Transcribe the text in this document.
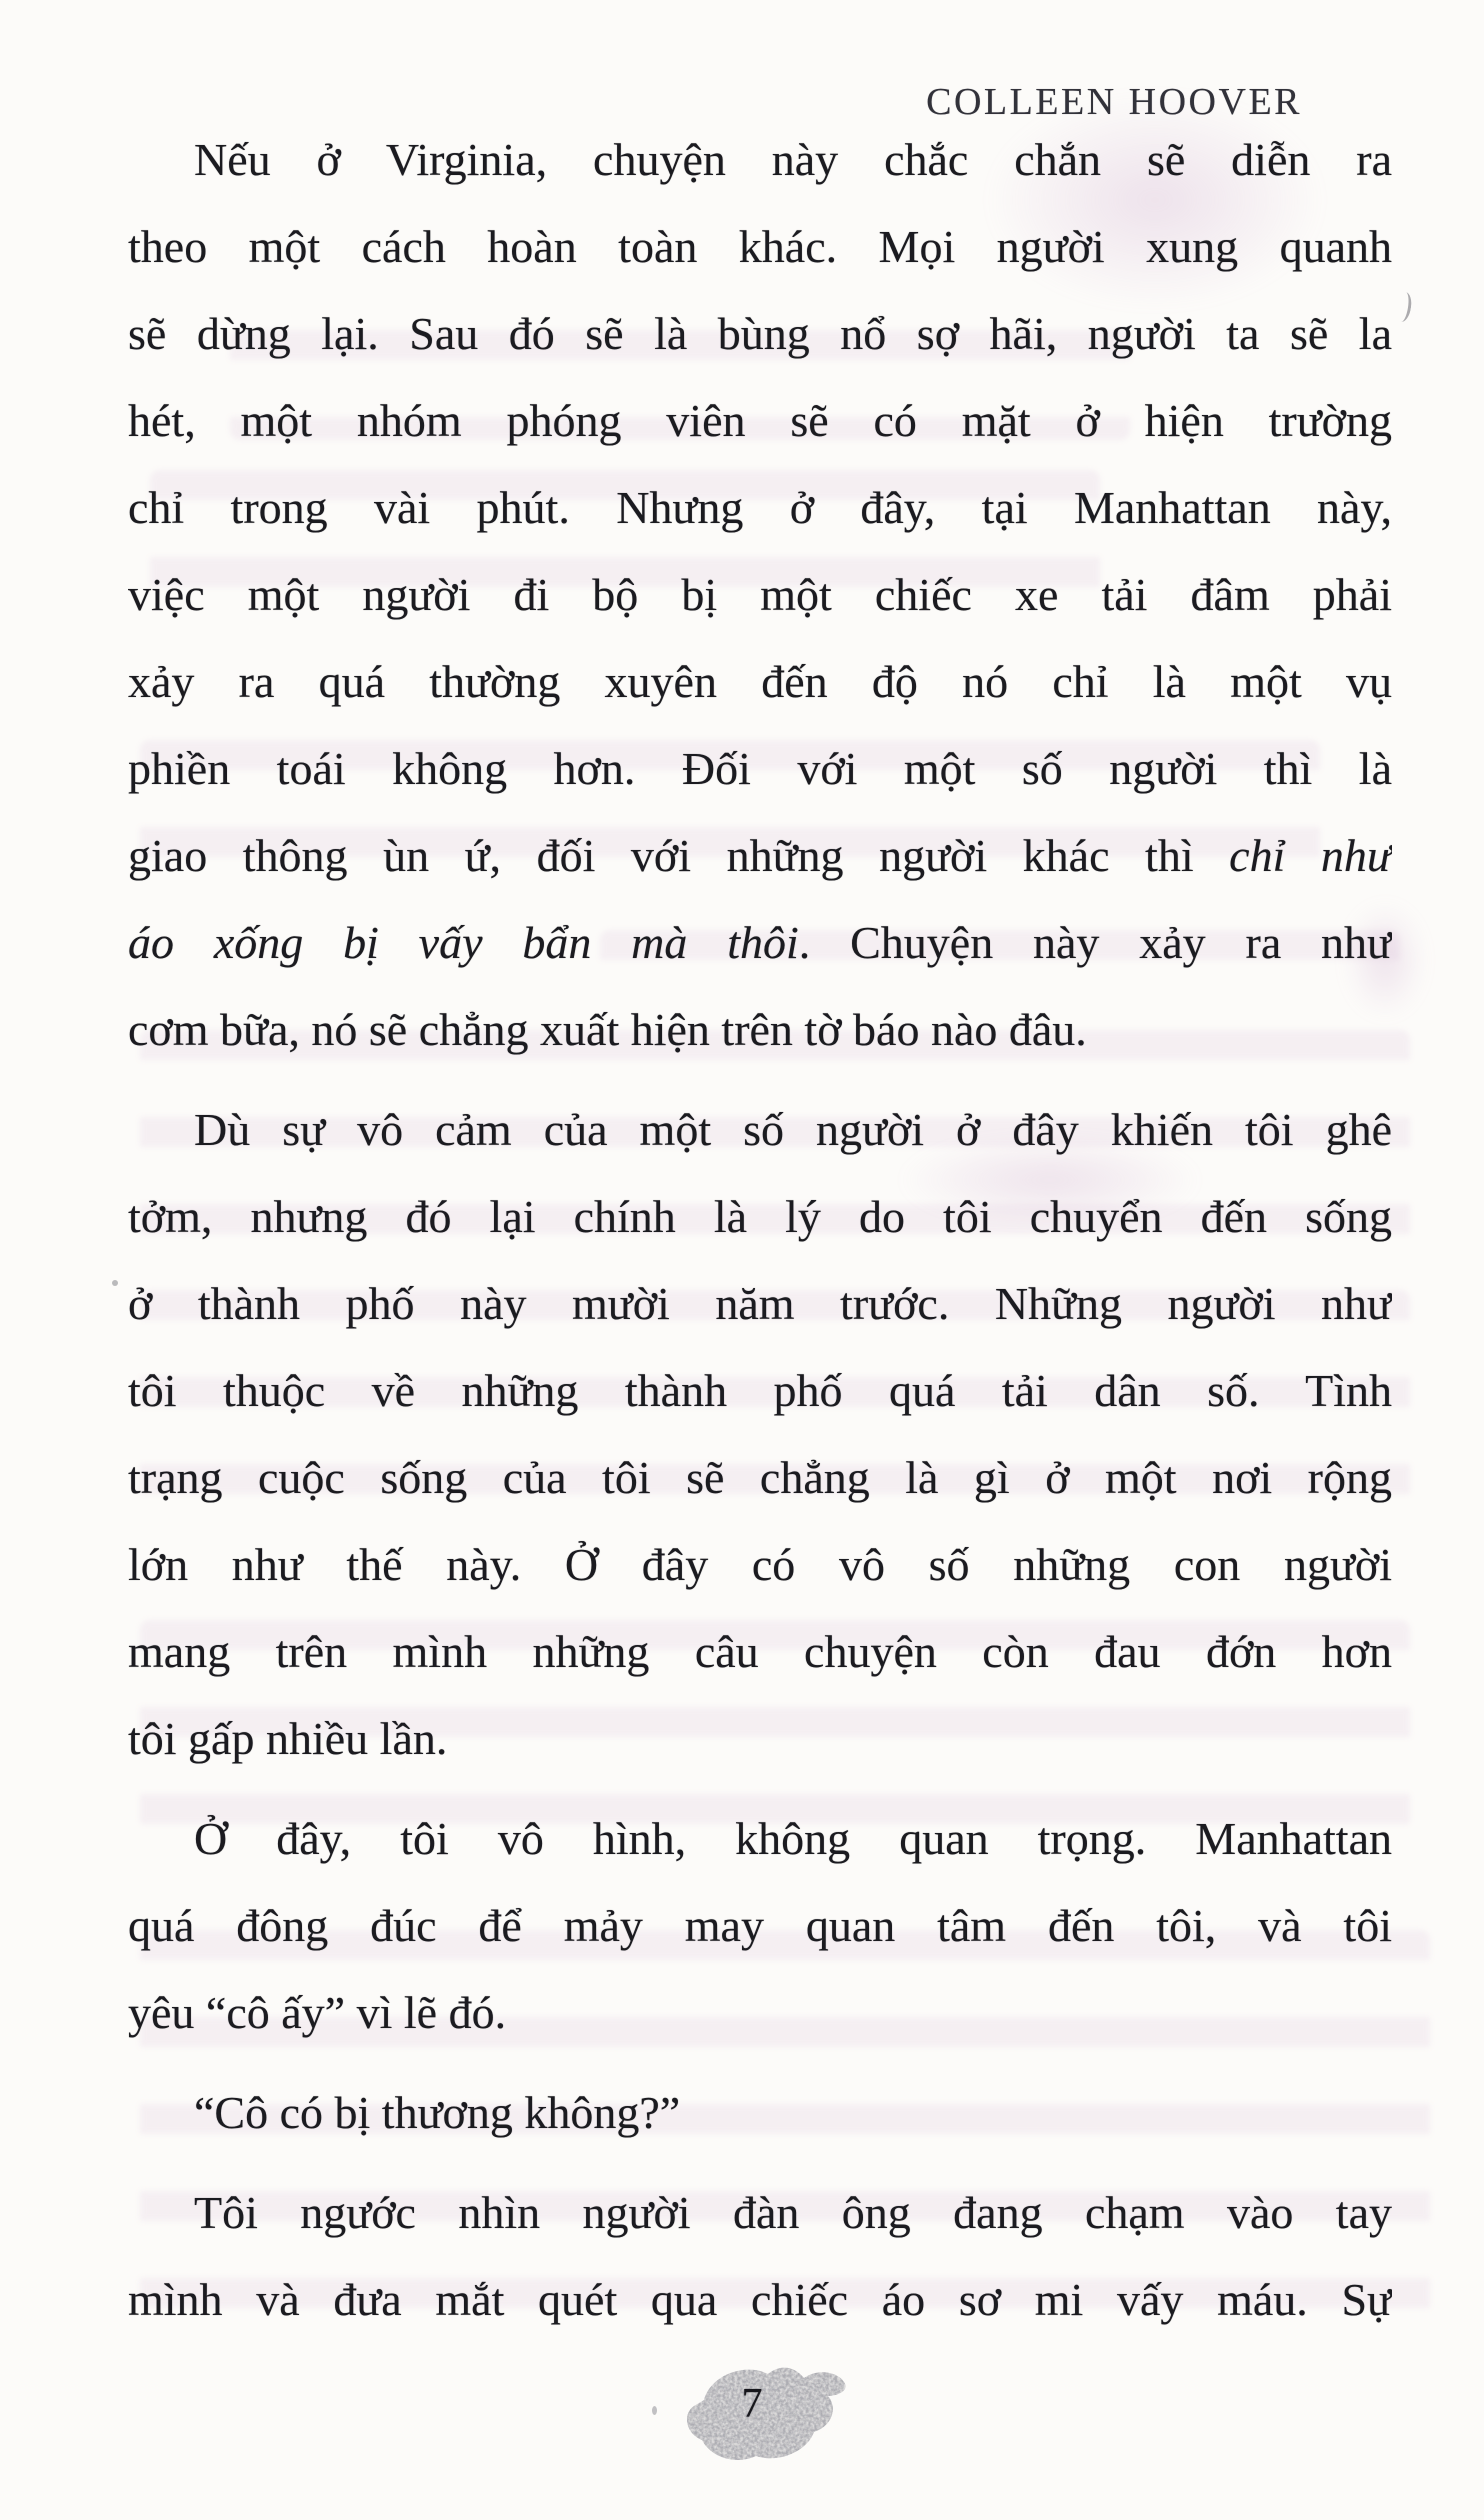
COLLEEN HOOVER
Nếu ở Virginia, chuyện này chắc chắn sẽ diễn ra
theo một cách hoàn toàn khác. Mọi người xung quanh
sẽ dừng lại. Sau đó sẽ là bùng nổ sợ hãi, người ta sẽ la
hét, một nhóm phóng viên sẽ có mặt ở hiện trường
chỉ trong vài phút. Nhưng ở đây, tại Manhattan này,
việc một người đi bộ bị một chiếc xe tải đâm phải
xảy ra quá thường xuyên đến độ nó chỉ là một vụ
phiền toái không hơn. Đối với một số người thì là
giao thông ùn ứ, đối với những người khác thì chỉ như
áo xống bị vấy bẩn mà thôi. Chuyện này xảy ra như
cơm bữa, nó sẽ chẳng xuất hiện trên tờ báo nào đâu.
Dù sự vô cảm của một số người ở đây khiến tôi ghê
tởm, nhưng đó lại chính là lý do tôi chuyển đến sống
ở thành phố này mười năm trước. Những người như
tôi thuộc về những thành phố quá tải dân số. Tình
trạng cuộc sống của tôi sẽ chẳng là gì ở một nơi rộng
lớn như thế này. Ở đây có vô số những con người
mang trên mình những câu chuyện còn đau đớn hơn
tôi gấp nhiều lần.
Ở đây, tôi vô hình, không quan trọng. Manhattan
quá đông đúc để mảy may quan tâm đến tôi, và tôi
yêu “cô ấy” vì lẽ đó.
“Cô có bị thương không?”
Tôi ngước nhìn người đàn ông đang chạm vào tay
mình và đưa mắt quét qua chiếc áo sơ mi vấy máu. Sự
7
